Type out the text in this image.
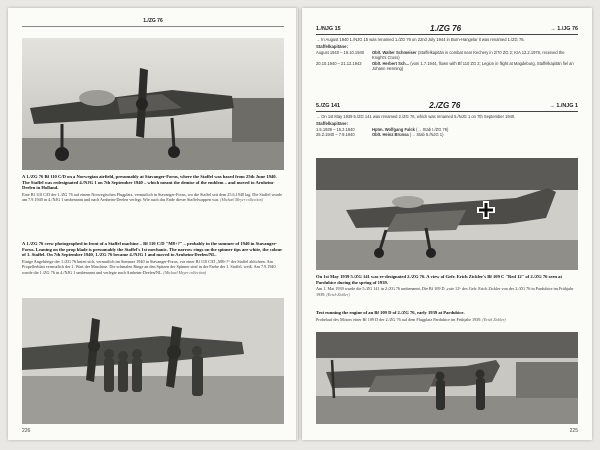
1./ZG 76
A 1./ZG 76 Bf 110 C/D on a Norwegian airfield, presumably at Stavanger-Forus, where the Staffel was based from 25th June 1940. The Staffel was redesignated 4./NJG 1 on 7th September 1940 – which meant the demise of the emblem – and moved to Arnheim-Deelen in Holland.
Eine Bf 110 C/D der 1./ZG 76 auf einem Norwegischen Flugplatz, vermutlich in Stavanger-Forus, wo die Staffel seit dem 25.6.1940 lag. Die Staffel wurde am 7.9.1940 in 4./NJG 1 umbenannt und nach Arnheim-Deelen verlegt. Wie auch das Ende dieser Staffelwappen war. (Michael Meyer collection)
A 1./ZG 76 crew photographed in front of a Staffel machine – Bf 110 C/D "M8+?" – probably in the summer of 1940 in Stavanger-Forus. Leaning on the prop blade is presumably the Staffel's 1st mechanic. The narrow rings on the spinner tips are white, the colour of 1. Staffel. On 7th September 1940, 1./ZG 76 became 4./NJG 1 and moved to Arnheim-Deelen/NL.
Einige Angehörige der 1./ZG 76 knien sich, vermutlich im Sommer 1940 in Stavanger-Forus, vor einer Bf 110 C/D „M8+?“ der Staffel ablichten. Am Propellerblatt vermutlich der 1. Wart der Maschine. Die schmalen Ringe an den Spitzen der Spinner sind in der Farbe der 1. Staffel, weiß. Am 7.9.1940 wurde die 1./ZG 76 in 4./NJG 1 umbenannt und verlegte nach Arnheim-Deelen/NL. (Michael Meyer collection)
226
1./NJG 15	1./ZG 76	→ 1./JG 76
→ In August 1940 1./NJG 15 was renamed 1./ZG 76 on 22nd July 1944 in Burn-Hangelar it was renamed 1./ZG 76.
Staffelkapitäne:
August 1940 – 19.10.1940	Oblt. Walter Schmeiser (Staffelkapitän in combat near Kechery in 2/70 ZG 2; KIA 12.2.1978, received the Knight's Cross)
20.10.1940 – 21.12.1943	Oblt. Herbert Sch... (vom 1.7.1944, flown with Bf 110 ZG 2; Legion in flight at Magdeburg, Staffelkapitän fiel an Johann Henning)
5./ZG 141	2./ZG 76	→ 1./NJG 1
→ On 1st May 1939 5./ZG 141 was renamed 2./ZG 76, which was renamed 5./NJG 1 on 7th September 1940.
Staffelkapitäne:
1.5.1939 – 15.2.1940	Hptm. Wolfgang Falck (→ Stab I./ZG 76)
25.2.1940 – 7.9.1940	Oblt. Heinz Brunsa (→ Stab 5./NJG 1)
On 1st May 1939 5./ZG 141 was re-designated 2./ZG 76. A view of Gefr. Erich Zickler's Bf 109 C "Red 12" of 2./ZG 76 seen at Pardubice during the spring of 1939.
Am 1. Mai 1939 wurde die 5./ZG 141 in 2./ZG 76 umbenannt. Die Bf 109 D „rote 12“ des Gefr. Erich Zickler von der 2./ZG 76 in Pardubice im Frühjahr 1939. (Erich Zickler)
Test running the engine of an Bf 109 D of 2./ZG 76, early 1939 at Pardubice.
Probelauf des Motors einer Bf 109 D der 2./ZG 76 auf dem Flugplatz Pardubice im Frühjahr 1939. (Erich Zickler)
225
